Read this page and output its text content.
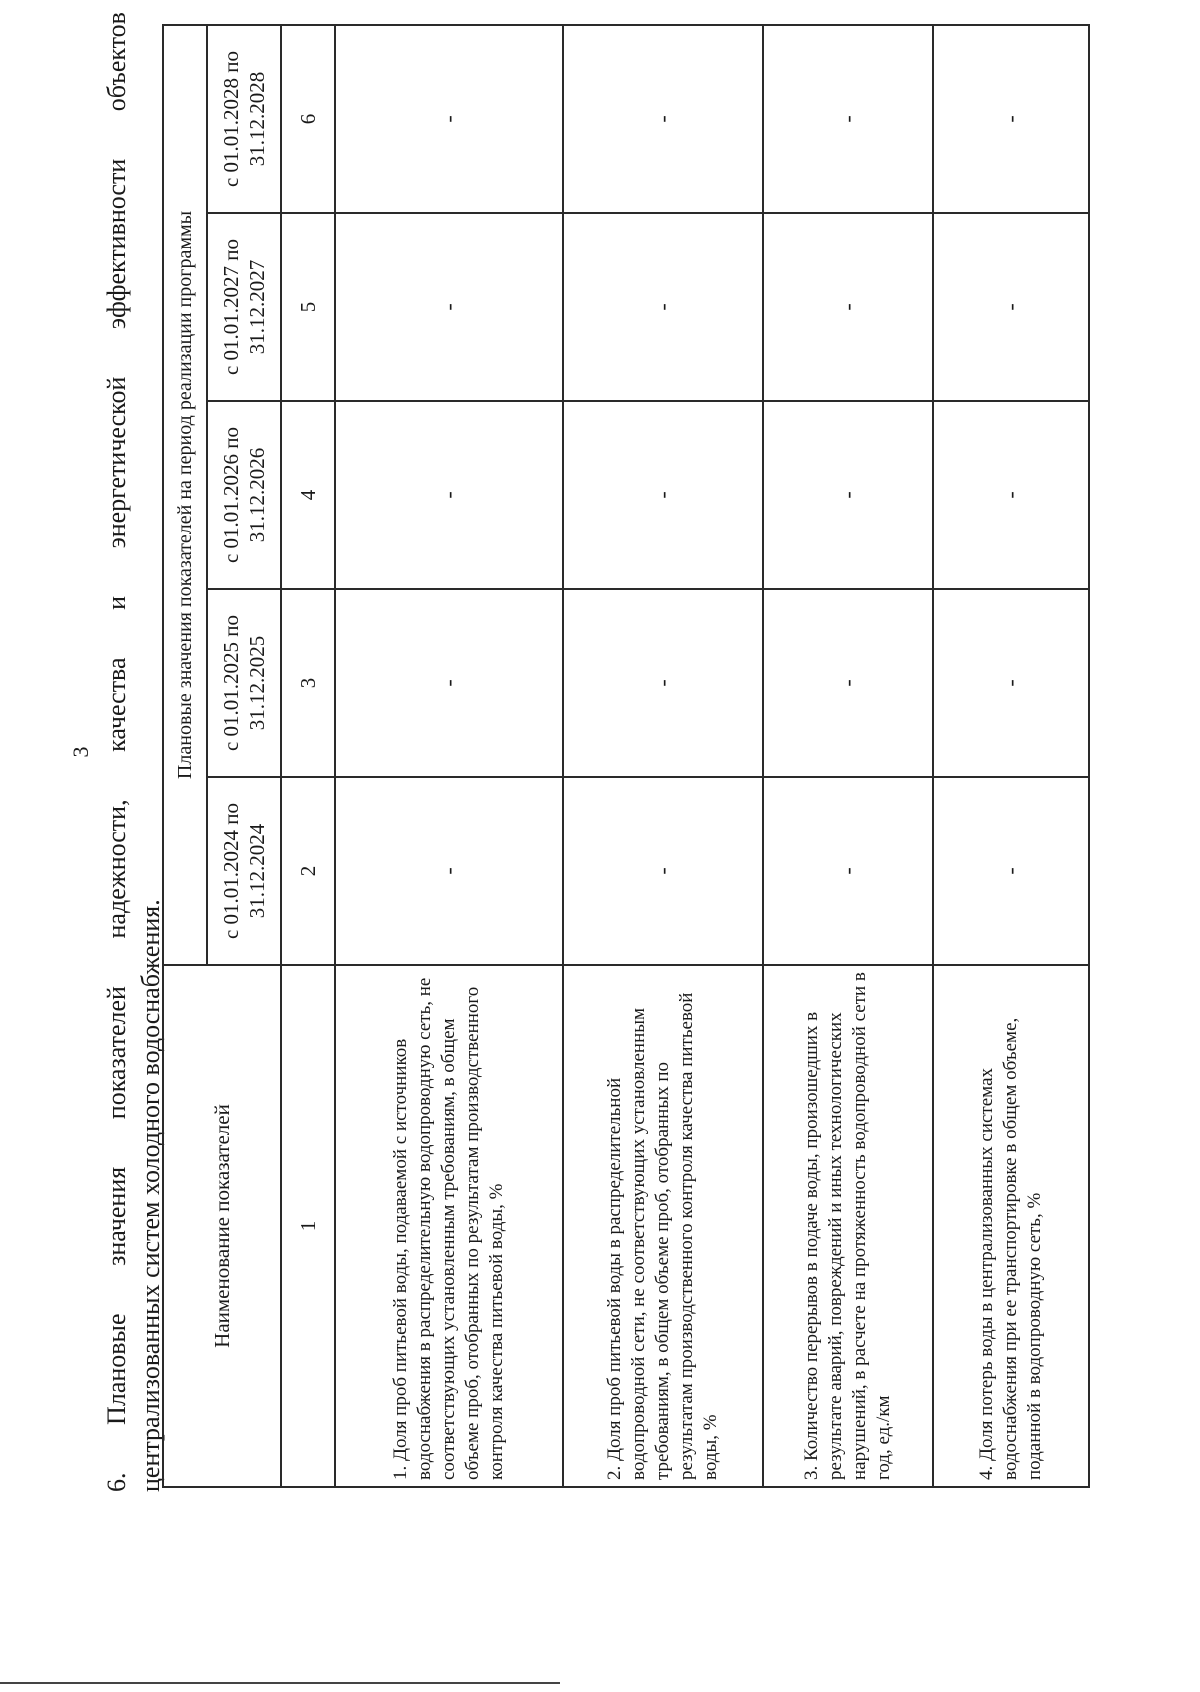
3
6.
Плановые
значения
показателей
надежности,
качества
и
энергетической
эффективности
объектов
централизованных систем холодного водоснабжения. Наименование показателей	Плановые значения показателей на период реализации программы				
	с 01.01.2024 по 31.12.2024	с 01.01.2025 по 31.12.2025	с 01.01.2026 по 31.12.2026	с 01.01.2027 по 31.12.2027	с 01.01.2028 по 31.12.2028
1	2	3	4	5	6
1. Доля проб питьевой воды, подаваемой с источников водоснабжения в распределительную водопроводную сеть, не соответствующих установленным требованиям, в общем объеме проб, отобранных по результатам производственного контроля качества питьевой воды, %	-	-	-	-	-
2. Доля проб питьевой воды в распределительной водопроводной сети, не соответствующих установленным требованиям, в общем объеме проб, отобранных по результатам производственного контроля качества питьевой воды, %	-	-	-	-	-
3. Количество перерывов в подаче воды, произошедших в результате аварий, повреждений и иных технологических нарушений, в расчете на протяженность водопроводной сети в год, ед./км	-	-	-	-	-
4. Доля потерь воды в централизованных системах водоснабжения при ее транспортировке в общем объеме, поданной в водопроводную сеть, %	-	-	-	-	-
